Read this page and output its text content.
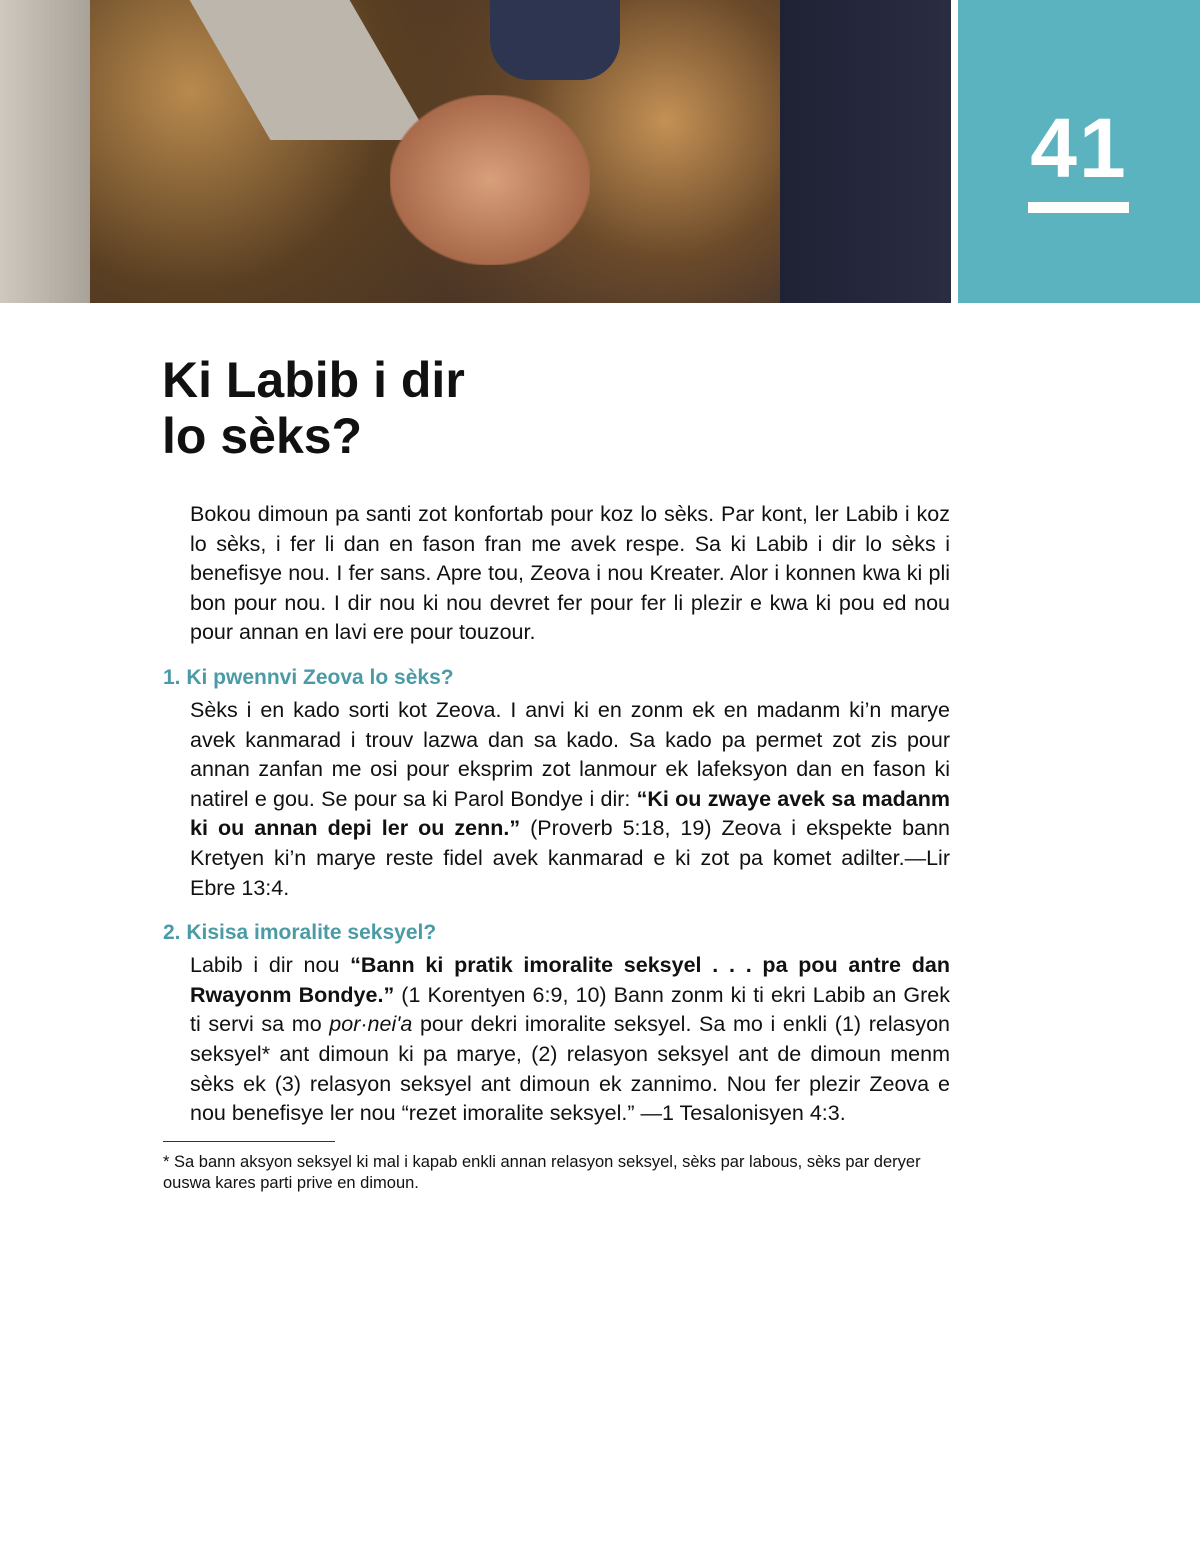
41
Ki Labib i dir
lo sèks?

Bokou dimoun pa santi zot konfortab pour koz lo sèks. Par kont, ler Labib i koz lo sèks, i fer li dan en fason fran me avek respe. Sa ki Labib i dir lo sèks i benefisye nou. I fer sans. Apre tou, Zeova i nou Kreater. Alor i konnen kwa ki pli bon pour nou. I dir nou ki nou devret fer pour fer li plezir e kwa ki pou ed nou pour annan en lavi ere pour touzour.

1. Ki pwennvi Zeova lo sèks?

Sèks i en kado sorti kot Zeova. I anvi ki en zonm ek en madanm ki’n marye avek kanmarad i trouv lazwa dan sa kado. Sa kado pa permet zot zis pour annan zanfan me osi pour eksprim zot lanmour ek lafeksyon dan en fason ki natirel e gou. Se pour sa ki Parol Bondye i dir: “Ki ou zwaye avek sa madanm ki ou annan depi ler ou zenn.” (Proverb 5:18, 19) Zeova i ekspekte bann Kretyen ki’n marye reste fidel avek kanmarad e ki zot pa komet adilter.—Lir Ebre 13:4.

2. Kisisa imoralite seksyel?

Labib i dir nou “Bann ki pratik imoralite seksyel . . . pa pou antre dan Rwayonm Bondye.” (1 Korentyen 6:9, 10) Bann zonm ki ti ekri Labib an Grek ti servi sa mo por·neiʹa pour dekri imoralite seksyel. Sa mo i enkli (1) relasyon seksyel* ant dimoun ki pa marye, (2) relasyon seksyel ant de dimoun menm sèks ek (3) relasyon seksyel ant dimoun ek zannimo. Nou fer plezir Zeova e nou benefisye ler nou “rezet imoralite seksyel.” —1 Tesalonisyen 4:3.

* Sa bann aksyon seksyel ki mal i kapab enkli annan relasyon seksyel, sèks par labous, sèks par deryer ouswa kares parti prive en dimoun.
